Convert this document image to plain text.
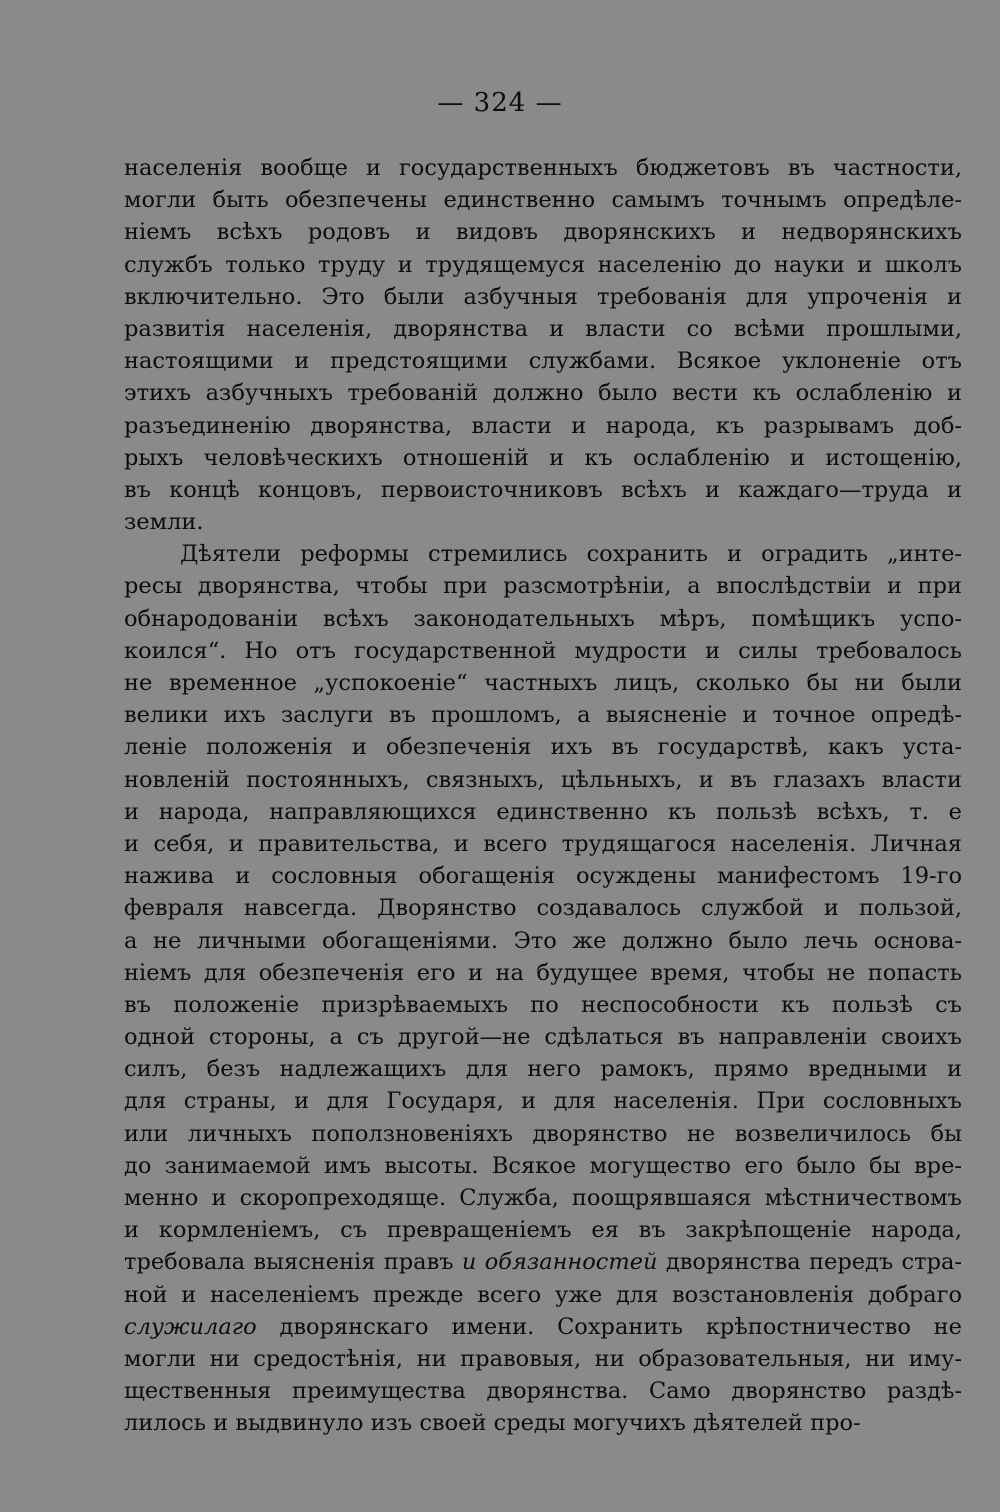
— 324 —
населенія вообще и государственныхъ бюджетовъ въ частности,
могли быть обезпечены единственно самымъ точнымъ опредѣле-
ніемъ всѣхъ родовъ и видовъ дворянскихъ и недворянскихъ
службъ только труду и трудящемуся населенію до науки и школъ
включительно. Это были азбучныя требованія для упроченія и
развитія населенія, дворянства и власти со всѣми прошлыми,
настоящими и предстоящими службами. Всякое уклоненіе отъ
этихъ азбучныхъ требованій должно было вести къ ослабленію и
разъединенію дворянства, власти и народа, къ разрывамъ доб-
рыхъ человѣческихъ отношеній и къ ослабленію и истощенію,
въ концѣ концовъ, первоисточниковъ всѣхъ и каждаго—труда и
земли.
Дѣятели реформы стремились сохранить и оградить „инте-
ресы дворянства, чтобы при разсмотрѣніи, а впослѣдствіи и при
обнародованіи всѣхъ законодательныхъ мѣръ, помѣщикъ успо-
коился“. Но отъ государственной мудрости и силы требовалось
не временное „успокоеніе“ частныхъ лицъ, сколько бы ни были
велики ихъ заслуги въ прошломъ, а выясненіе и точное опредѣ-
леніе положенія и обезпеченія ихъ въ государствѣ, какъ уста-
новленій постоянныхъ, связныхъ, цѣльныхъ, и въ глазахъ власти
и народа, направляющихся единственно къ пользѣ всѣхъ, т. е
и себя, и правительства, и всего трудящагося населенія. Личная
нажива и сословныя обогащенія осуждены манифестомъ 19-го
февраля навсегда. Дворянство создавалось службой и пользой,
а не личными обогащеніями. Это же должно было лечь основа-
ніемъ для обезпеченія его и на будущее время, чтобы не попасть
въ положеніе призрѣваемыхъ по неспособности къ пользѣ съ
одной стороны, а съ другой—не сдѣлаться въ направленіи своихъ
силъ, безъ надлежащихъ для него рамокъ, прямо вредными и
для страны, и для Государя, и для населенія. При сословныхъ
или личныхъ поползновеніяхъ дворянство не возвеличилось бы
до занимаемой имъ высоты. Всякое могущество его было бы вре-
менно и скоропреходяще. Служба, поощрявшаяся мѣстничествомъ
и кормленіемъ, съ превращеніемъ ея въ закрѣпощеніе народа,
требовала выясненія правъ и обязанностей дворянства передъ стра-
ной и населеніемъ прежде всего уже для возстановленія добраго
служилаго дворянскаго имени. Сохранить крѣпостничество не
могли ни средостѣнія, ни правовыя, ни образовательныя, ни иму-
щественныя преимущества дворянства. Само дворянство раздѣ-
лилось и выдвинуло изъ своей среды могучихъ дѣятелей про-
